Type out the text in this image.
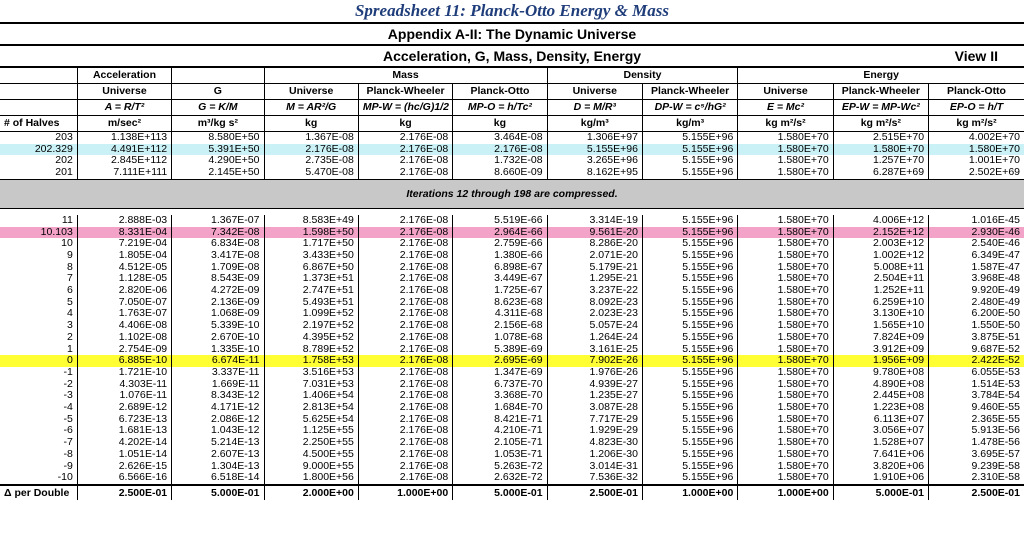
Spreadsheet 11: Planck-Otto Energy & Mass
Appendix A-II: The Dynamic Universe
Acceleration, G, Mass, Density, Energy	View II
	Acceleration		Mass			Density		Energy		
	Universe	G	Universe	Planck-Wheeler	Planck-Otto	Universe	Planck-Wheeler	Universe	Planck-Wheeler	Planck-Otto
	A = R/T²	G = K/M	M = AR²/G	MP-W = (hc/G)1/2	MP-O = h/Tc²	D = M/R³	DP-W = c⁵/hG²	E = Mc²	EP-W = MP-Wc²	EP-O = h/T
# of Halves	m/sec²	m³/kg s²	kg	kg	kg	kg/m³	kg/m³	kg m²/s²	kg m²/s²	kg m²/s²
203	1.138E+113	8.580E+50	1.367E-08	2.176E-08	3.464E-08	1.306E+97	5.155E+96	1.580E+70	2.515E+70	4.002E+70
202.329	4.491E+112	5.391E+50	2.176E-08	2.176E-08	2.176E-08	5.155E+96	5.155E+96	1.580E+70	1.580E+70	1.580E+70
202	2.845E+112	4.290E+50	2.735E-08	2.176E-08	1.732E-08	3.265E+96	5.155E+96	1.580E+70	1.257E+70	1.001E+70
201	7.111E+111	2.145E+50	5.470E-08	2.176E-08	8.660E-09	8.162E+95	5.155E+96	1.580E+70	6.287E+69	2.502E+69
Iterations 12 through 198 are compressed.										

11	2.888E-03	1.367E-07	8.583E+49	2.176E-08	5.519E-66	3.314E-19	5.155E+96	1.580E+70	4.006E+12	1.016E-45
10.103	8.331E-04	7.342E-08	1.598E+50	2.176E-08	2.964E-66	9.561E-20	5.155E+96	1.580E+70	2.152E+12	2.930E-46
10	7.219E-04	6.834E-08	1.717E+50	2.176E-08	2.759E-66	8.286E-20	5.155E+96	1.580E+70	2.003E+12	2.540E-46
9	1.805E-04	3.417E-08	3.433E+50	2.176E-08	1.380E-66	2.071E-20	5.155E+96	1.580E+70	1.002E+12	6.349E-47
8	4.512E-05	1.709E-08	6.867E+50	2.176E-08	6.898E-67	5.179E-21	5.155E+96	1.580E+70	5.008E+11	1.587E-47
7	1.128E-05	8.543E-09	1.373E+51	2.176E-08	3.449E-67	1.295E-21	5.155E+96	1.580E+70	2.504E+11	3.968E-48
6	2.820E-06	4.272E-09	2.747E+51	2.176E-08	1.725E-67	3.237E-22	5.155E+96	1.580E+70	1.252E+11	9.920E-49
5	7.050E-07	2.136E-09	5.493E+51	2.176E-08	8.623E-68	8.092E-23	5.155E+96	1.580E+70	6.259E+10	2.480E-49
4	1.763E-07	1.068E-09	1.099E+52	2.176E-08	4.311E-68	2.023E-23	5.155E+96	1.580E+70	3.130E+10	6.200E-50
3	4.406E-08	5.339E-10	2.197E+52	2.176E-08	2.156E-68	5.057E-24	5.155E+96	1.580E+70	1.565E+10	1.550E-50
2	1.102E-08	2.670E-10	4.395E+52	2.176E-08	1.078E-68	1.264E-24	5.155E+96	1.580E+70	7.824E+09	3.875E-51
1	2.754E-09	1.335E-10	8.789E+52	2.176E-08	5.389E-69	3.161E-25	5.155E+96	1.580E+70	3.912E+09	9.687E-52
0	6.885E-10	6.674E-11	1.758E+53	2.176E-08	2.695E-69	7.902E-26	5.155E+96	1.580E+70	1.956E+09	2.422E-52
-1	1.721E-10	3.337E-11	3.516E+53	2.176E-08	1.347E-69	1.976E-26	5.155E+96	1.580E+70	9.780E+08	6.055E-53
-2	4.303E-11	1.669E-11	7.031E+53	2.176E-08	6.737E-70	4.939E-27	5.155E+96	1.580E+70	4.890E+08	1.514E-53
-3	1.076E-11	8.343E-12	1.406E+54	2.176E-08	3.368E-70	1.235E-27	5.155E+96	1.580E+70	2.445E+08	3.784E-54
-4	2.689E-12	4.171E-12	2.813E+54	2.176E-08	1.684E-70	3.087E-28	5.155E+96	1.580E+70	1.223E+08	9.460E-55
-5	6.723E-13	2.086E-12	5.625E+54	2.176E-08	8.421E-71	7.717E-29	5.155E+96	1.580E+70	6.113E+07	2.365E-55
-6	1.681E-13	1.043E-12	1.125E+55	2.176E-08	4.210E-71	1.929E-29	5.155E+96	1.580E+70	3.056E+07	5.913E-56
-7	4.202E-14	5.214E-13	2.250E+55	2.176E-08	2.105E-71	4.823E-30	5.155E+96	1.580E+70	1.528E+07	1.478E-56
-8	1.051E-14	2.607E-13	4.500E+55	2.176E-08	1.053E-71	1.206E-30	5.155E+96	1.580E+70	7.641E+06	3.695E-57
-9	2.626E-15	1.304E-13	9.000E+55	2.176E-08	5.263E-72	3.014E-31	5.155E+96	1.580E+70	3.820E+06	9.239E-58
-10	6.566E-16	6.518E-14	1.800E+56	2.176E-08	2.632E-72	7.536E-32	5.155E+96	1.580E+70	1.910E+06	2.310E-58
Δ per Double	2.500E-01	5.000E-01	2.000E+00	1.000E+00	5.000E-01	2.500E-01	1.000E+00	1.000E+00	5.000E-01	2.500E-01
